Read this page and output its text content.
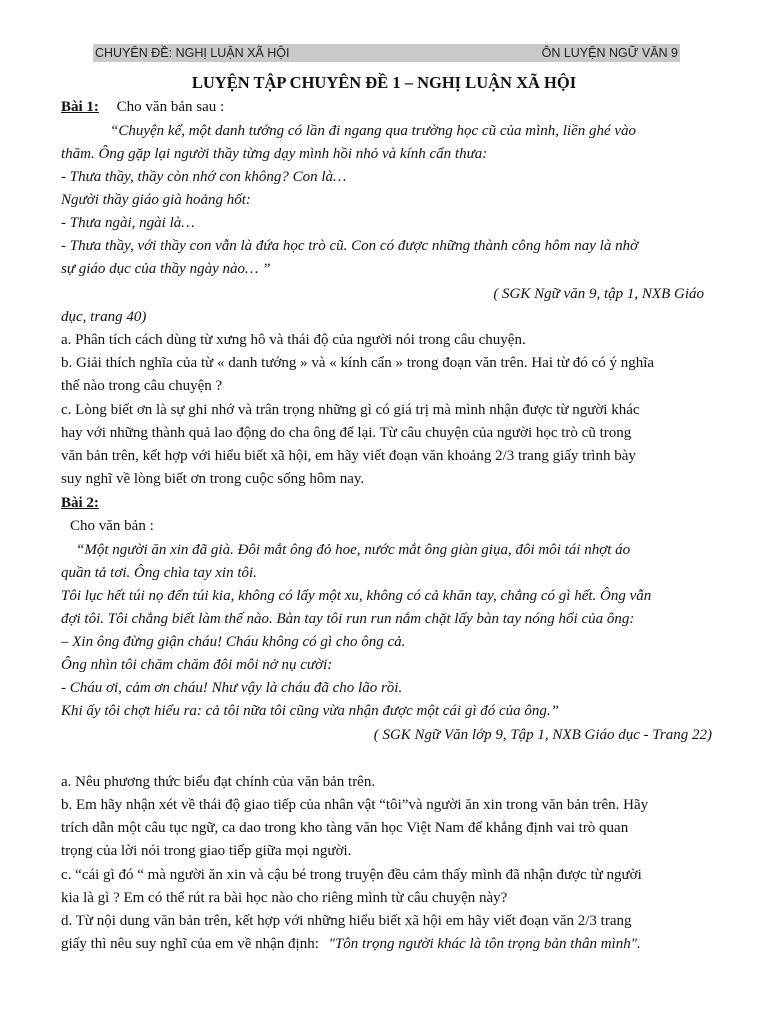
CHUYÊN ĐỀ: NGHỊ LUẬN XÃ HỘI	ÔN LUYỆN NGỮ VĂN 9
LUYỆN TẬP CHUYÊN ĐỀ 1 – NGHỊ LUẬN XÃ HỘI
Bài 1: Cho văn bản sau :
“Chuyện kể, một danh tướng có lần đi ngang qua trường học cũ của mình, liền ghé vào
thăm. Ông gặp lại người thầy từng dạy mình hồi nhỏ và kính cẩn thưa:
- Thưa thầy, thầy còn nhớ con không? Con là…
Người thầy giáo già hoảng hốt:
- Thưa ngài, ngài là…
- Thưa thầy, với thầy con vẫn là đứa học trò cũ. Con có được những thành công hôm nay là nhờ
sự giáo dục của thầy ngày nào… ”
( SGK Ngữ văn 9, tập 1, NXB Giáo
dục, trang 40)
a. Phân tích cách dùng từ xưng hô và thái độ của người nói trong câu chuyện.
b. Giải thích nghĩa của từ « danh tướng » và « kính cẩn » trong đoạn văn trên. Hai từ đó có ý nghĩa
thế nào trong câu chuyện ?
c. Lòng biết ơn là sự ghi nhớ và trân trọng những gì có giá trị mà mình nhận được từ người khác
hay với những thành quả lao động do cha ông để lại. Từ câu chuyện của người học trò cũ trong
văn bản trên, kết hợp với hiểu biết xã hội, em hãy viết đoạn văn khoảng 2/3 trang giấy trình bày
suy nghĩ về lòng biết ơn trong cuộc sống hôm nay.
Bài 2:
Cho văn bản :
“Một người ăn xin đã già. Đôi mắt ông đỏ hoe, nước mắt ông giàn giụa, đôi môi tái nhợt áo
quần tả tơi. Ông chìa tay xin tôi.
Tôi lục hết túi nọ đến túi kia, không có lấy một xu, không có cả khăn tay, chẳng có gì hết. Ông vẫn
đợi tôi. Tôi chẳng biết làm thế nào. Bàn tay tôi run run nắm chặt lấy bàn tay nóng hổi của ông:
– Xin ông đừng giận cháu! Cháu không có gì cho ông cả.
Ông nhìn tôi chăm chăm đôi môi nở nụ cười:
- Cháu ơi, cảm ơn cháu! Như vậy là cháu đã cho lão rồi.
Khi ấy tôi chợt hiểu ra: cả tôi nữa tôi cũng vừa nhận được một cái gì đó của ông.”
( SGK Ngữ Văn lớp 9, Tập 1, NXB Giáo dục - Trang 22)
a. Nêu phương thức biểu đạt chính của văn bản trên.
b. Em hãy nhận xét về thái độ giao tiếp của nhân vật “tôi”và người ăn xin trong văn bản trên. Hãy
trích dẫn một câu tục ngữ, ca dao trong kho tàng văn học Việt Nam để khẳng định vai trò quan
trọng của lời nói trong giao tiếp giữa mọi người.
c. “cái gì đó “ mà người ăn xin và cậu bé trong truyện đều cảm thấy mình đã nhận được từ người
kia là gì ? Em có thể rút ra bài học nào cho riêng mình từ câu chuyện này?
d. Từ nội dung văn bản trên, kết hợp với những hiểu biết xã hội em hãy viết đoạn văn 2/3 trang
giấy thì nêu suy nghĩ của em về nhận định: "Tôn trọng người khác là tôn trọng bản thân mình".
